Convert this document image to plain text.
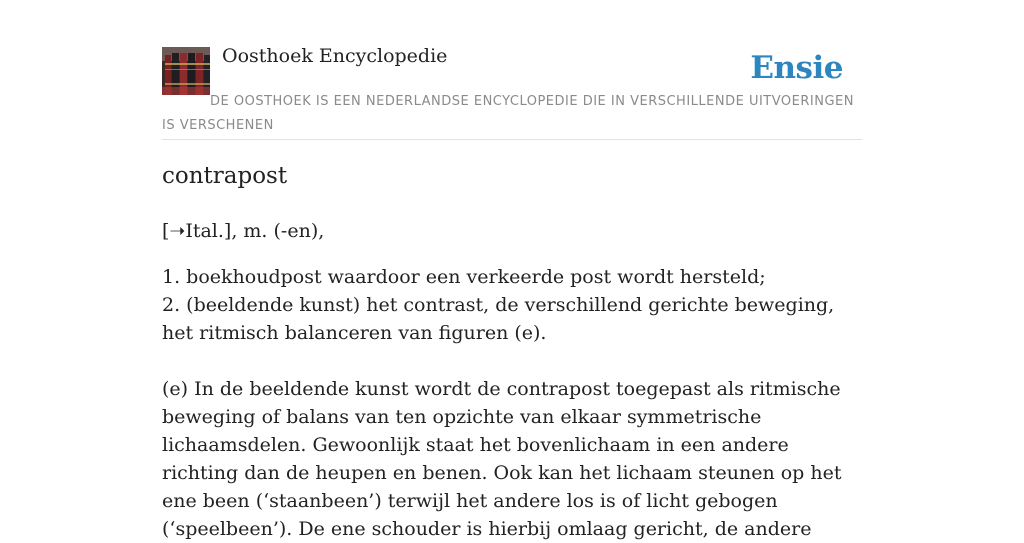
Oosthoek Encyclopedie	Ensie
DE OOSTHOEK IS EEN NEDERLANDSE ENCYCLOPEDIE DIE IN VERSCHILLENDE UITVOERINGEN IS VERSCHENEN
contrapost
[➝Ital.], m. (-en),

1. boekhoudpost waardoor een verkeerde post wordt hersteld;

2. (beeldende kunst) het contrast, de verschillend gerichte beweging, het ritmisch balanceren van figuren (e).

(e) In de beeldende kunst wordt de contrapost toegepast als ritmische beweging of balans van ten opzichte van elkaar symmetrische lichaamsdelen. Gewoonlijk staat het bovenlichaam in een andere richting dan de heupen en benen. Ook kan het lichaam steunen op het ene been (‘staanbeen’) terwijl het andere los is of licht gebogen (‘speelbeen’). De ene schouder is hierbij omlaag gericht, de andere
